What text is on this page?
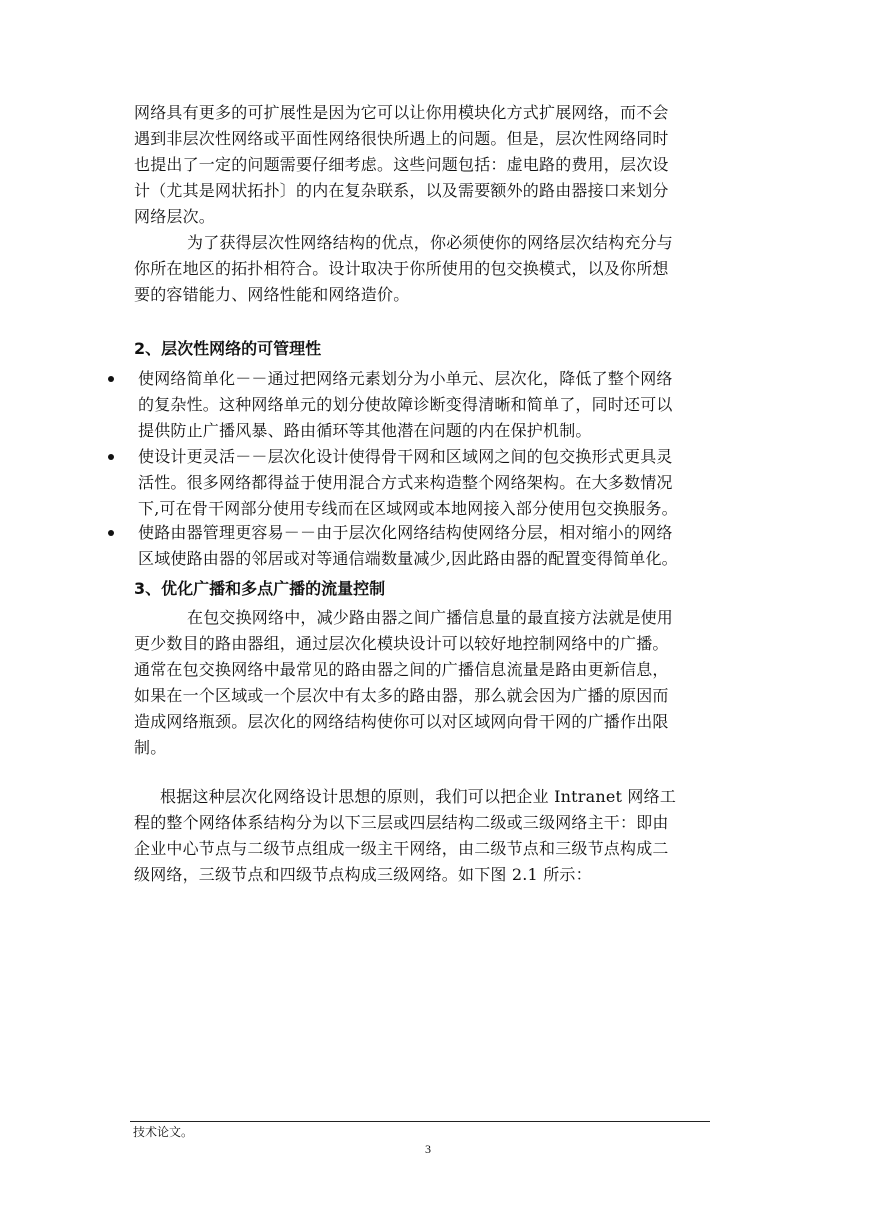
网络具有更多的可扩展性是因为它可以让你用模块化方式扩展网络，而不会
遇到非层次性网络或平面性网络很快所遇上的问题。但是，层次性网络同时
也提出了一定的问题需要仔细考虑。这些问题包括：虚电路的费用，层次设
计（尤其是网状拓扑〕的内在复杂联系，以及需要额外的路由器接口来划分
网络层次。
为了获得层次性网络结构的优点，你必须使你的网络层次结构充分与
你所在地区的拓扑相符合。设计取决于你所使用的包交换模式，以及你所想
要的容错能力、网络性能和网络造价。
2、层次性网络的可管理性
使网络简单化－－通过把网络元素划分为小单元、层次化，降低了整个网络
的复杂性。这种网络单元的划分使故障诊断变得清晰和简单了，同时还可以
提供防止广播风暴、路由循环等其他潜在问题的内在保护机制。
使设计更灵活－－层次化设计使得骨干网和区域网之间的包交换形式更具灵
活性。很多网络都得益于使用混合方式来构造整个网络架构。在大多数情况
下,可在骨干网部分使用专线而在区域网或本地网接入部分使用包交换服务。
使路由器管理更容易－－由于层次化网络结构使网络分层，相对缩小的网络
区域使路由器的邻居或对等通信端数量减少,因此路由器的配置变得简单化。
3、优化广播和多点广播的流量控制
在包交换网络中，减少路由器之间广播信息量的最直接方法就是使用
更少数目的路由器组，通过层次化模块设计可以较好地控制网络中的广播。
通常在包交换网络中最常见的路由器之间的广播信息流量是路由更新信息，
如果在一个区域或一个层次中有太多的路由器，那么就会因为广播的原因而
造成网络瓶颈。层次化的网络结构使你可以对区域网向骨干网的广播作出限
制。
根据这种层次化网络设计思想的原则，我们可以把企业 Intranet 网络工
程的整个网络体系结构分为以下三层或四层结构二级或三级网络主干：即由
企业中心节点与二级节点组成一级主干网络，由二级节点和三级节点构成二
级网络，三级节点和四级节点构成三级网络。如下图 2.1 所示：
技术论文。
3
